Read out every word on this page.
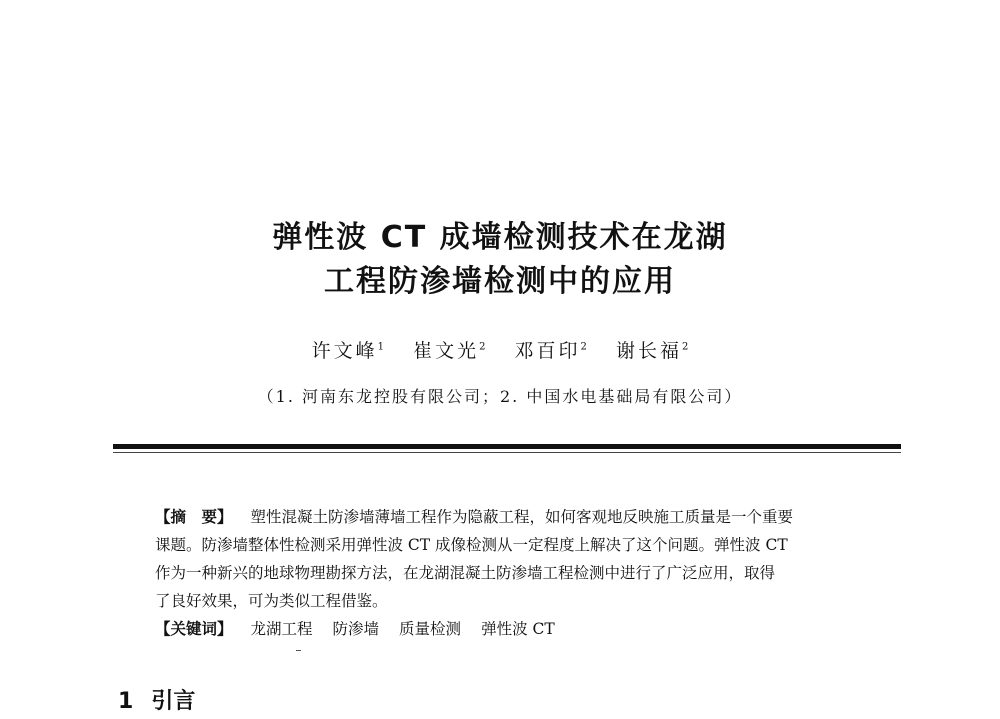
弹性波 CT 成墙检测技术在龙湖
工程防渗墙检测中的应用
许文峰$^1$ 崔文光$^2$ 邓百印$^2$ 谢长福$^2$
（1. 河南东龙控股有限公司；2. 中国水电基础局有限公司）
【摘　要】 塑性混凝土防渗墙薄墙工程作为隐蔽工程，如何客观地反映施工质量是一个重要
课题。防渗墙整体性检测采用弹性波 CT 成像检测从一定程度上解决了这个问题。弹性波 CT
作为一种新兴的地球物理勘探方法，在龙湖混凝土防渗墙工程检测中进行了广泛应用，取得
了良好效果，可为类似工程借鉴。
【关键词】 龙湖工程 防渗墙 质量检测 弹性波 CT
1 引言
